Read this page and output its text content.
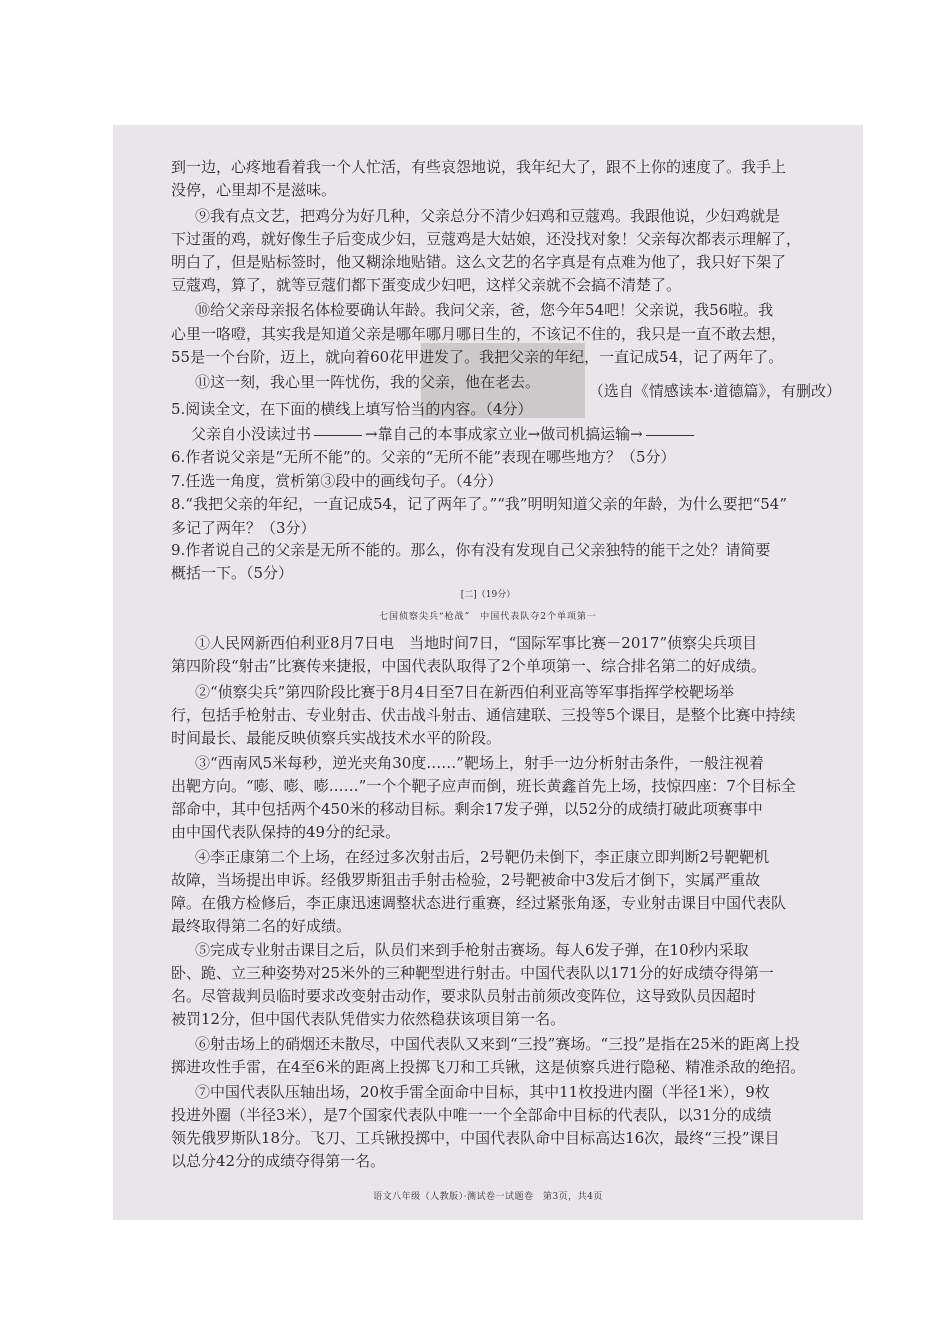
到一边，心疼地看着我一个人忙活，有些哀怨地说，我年纪大了，跟不上你的速度了。我手上
没停，心里却不是滋味。
⑨我有点文艺，把鸡分为好几种，父亲总分不清少妇鸡和豆蔻鸡。我跟他说，少妇鸡就是
下过蛋的鸡，就好像生子后变成少妇，豆蔻鸡是大姑娘，还没找对象！父亲每次都表示理解了，
明白了，但是贴标签时，他又糊涂地贴错。这么文艺的名字真是有点难为他了，我只好下架了
豆蔻鸡，算了，就等豆蔻们都下蛋变成少妇吧，这样父亲就不会搞不清楚了。
⑩给父亲母亲报名体检要确认年龄。我问父亲，爸，您今年54吧！父亲说，我56啦。我
心里一咯噔，其实我是知道父亲是哪年哪月哪日生的，不该记不住的，我只是一直不敢去想，
55是一个台阶，迈上，就向着60花甲进发了。我把父亲的年纪，一直记成54，记了两年了。
⑪这一刻，我心里一阵忧伤，我的父亲，他在老去。	（选自《情感读本·道德篇》，有删改）
5.阅读全文，在下面的横线上填写恰当的内容。（4分）
父亲自小没读过书	→靠自己的本事成家立业→做司机搞运输→
6.作者说父亲是“无所不能”的。父亲的“无所不能”表现在哪些地方？（5分）
7.任选一角度，赏析第③段中的画线句子。（4分）
8.“我把父亲的年纪，一直记成54，记了两年了。”“我”明明知道父亲的年龄，为什么要把“54”
多记了两年？（3分）
9.作者说自己的父亲是无所不能的。那么，你有没有发现自己父亲独特的能干之处？请简要
概括一下。（5分）
[二]（19分）
七国侦察尖兵“枪战”　中国代表队夺2个单项第一
①人民网新西伯利亚8月7日电　当地时间7日，“国际军事比赛－2017”侦察尖兵项目
第四阶段“射击”比赛传来捷报，中国代表队取得了2个单项第一、综合排名第二的好成绩。
②“侦察尖兵”第四阶段比赛于8月4日至7日在新西伯利亚高等军事指挥学校靶场举
行，包括手枪射击、专业射击、伏击战斗射击、通信建联、三投等5个课目，是整个比赛中持续
时间最长、最能反映侦察兵实战技术水平的阶段。
③“西南风5米每秒，逆光夹角30度……”靶场上，射手一边分析射击条件，一般注视着
出靶方向。“嘭、嘭、嘭……”一个个靶子应声而倒，班长黄鑫首先上场，技惊四座：7个目标全
部命中，其中包括两个450米的移动目标。剩余17发子弹，以52分的成绩打破此项赛事中
由中国代表队保持的49分的纪录。
④李正康第二个上场，在经过多次射击后，2号靶仍未倒下，李正康立即判断2号靶靶机
故障，当场提出申诉。经俄罗斯狙击手射击检验，2号靶被命中3发后才倒下，实属严重故
障。在俄方检修后，李正康迅速调整状态进行重赛，经过紧张角逐，专业射击课目中国代表队
最终取得第二名的好成绩。
⑤完成专业射击课目之后，队员们来到手枪射击赛场。每人6发子弹，在10秒内采取
卧、跪、立三种姿势对25米外的三种靶型进行射击。中国代表队以171分的好成绩夺得第一
名。尽管裁判员临时要求改变射击动作，要求队员射击前须改变阵位，这导致队员因超时
被罚12分，但中国代表队凭借实力依然稳获该项目第一名。
⑥射击场上的硝烟还未散尽，中国代表队又来到“三投”赛场。“三投”是指在25米的距离上投
掷进攻性手雷，在4至6米的距离上投掷飞刀和工兵锹，这是侦察兵进行隐秘、精准杀敌的绝招。
⑦中国代表队压轴出场，20枚手雷全面命中目标，其中11枚投进内圈（半径1米），9枚
投进外圈（半径3米），是7个国家代表队中唯一一个全部命中目标的代表队，以31分的成绩
领先俄罗斯队18分。飞刀、工兵锹投掷中，中国代表队命中目标高达16次，最终“三投”课目
以总分42分的成绩夺得第一名。
语文八年级（人教版）·测试卷一试题卷　第3页，共4页
